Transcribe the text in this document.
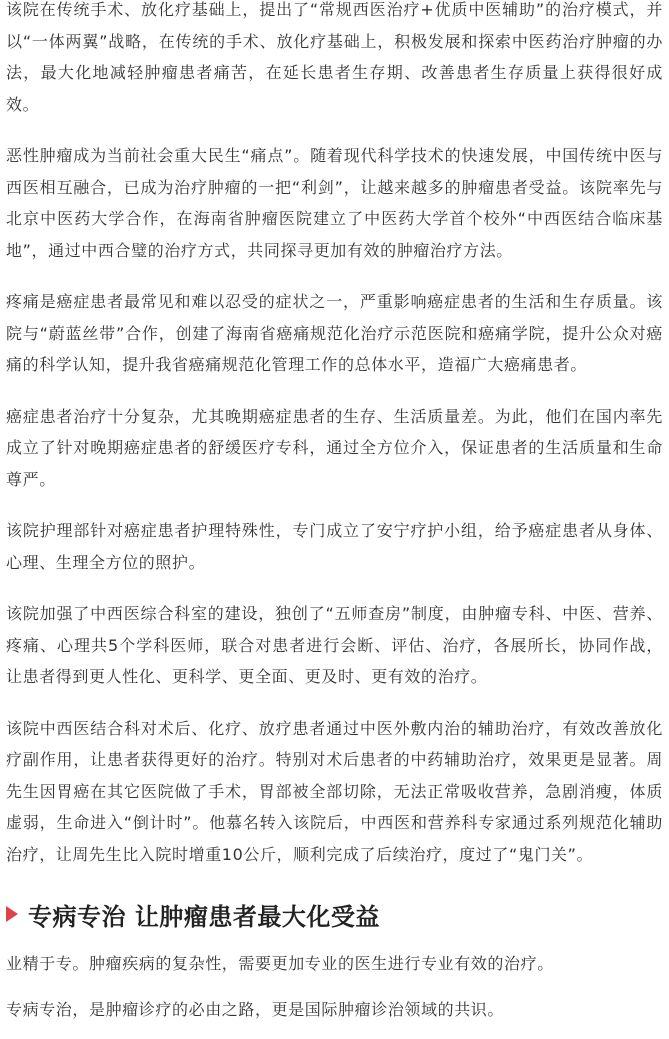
该院在传统手术、放化疗基础上，提出了“常规西医治疗+优质中医辅助”的治疗模式，并以“一体两翼”战略，在传统的手术、放化疗基础上，积极发展和探索中医药治疗肿瘤的办法，最大化地减轻肿瘤患者痛苦，在延长患者生存期、改善患者生存质量上获得很好成效。

恶性肿瘤成为当前社会重大民生“痛点”。随着现代科学技术的快速发展，中国传统中医与西医相互融合，已成为治疗肿瘤的一把“利剑”，让越来越多的肿瘤患者受益。该院率先与北京中医药大学合作，在海南省肿瘤医院建立了中医药大学首个校外“中西医结合临床基地”，通过中西合璧的治疗方式，共同探寻更加有效的肿瘤治疗方法。

疼痛是癌症患者最常见和难以忍受的症状之一，严重影响癌症患者的生活和生存质量。该院与“蔚蓝丝带”合作，创建了海南省癌痛规范化治疗示范医院和癌痛学院，提升公众对癌痛的科学认知，提升我省癌痛规范化管理工作的总体水平，造福广大癌痛患者。

癌症患者治疗十分复杂，尤其晚期癌症患者的生存、生活质量差。为此，他们在国内率先成立了针对晚期癌症患者的舒缓医疗专科，通过全方位介入，保证患者的生活质量和生命尊严。

该院护理部针对癌症患者护理特殊性，专门成立了安宁疗护小组，给予癌症患者从身体、心理、生理全方位的照护。

该院加强了中西医综合科室的建设，独创了“五师查房”制度，由肿瘤专科、中医、营养、疼痛、心理共5个学科医师，联合对患者进行会断、评估、治疗，各展所长，协同作战，让患者得到更人性化、更科学、更全面、更及时、更有效的治疗。

该院中西医结合科对术后、化疗、放疗患者通过中医外敷内治的辅助治疗，有效改善放化疗副作用，让患者获得更好的治疗。特别对术后患者的中药辅助治疗，效果更是显著。周先生因胃癌在其它医院做了手术，胃部被全部切除，无法正常吸收营养，急剧消瘦，体质虚弱，生命进入“倒计时”。他慕名转入该院后，中西医和营养科专家通过系列规范化辅助治疗，让周先生比入院时增重10公斤，顺利完成了后续治疗，度过了“鬼门关”。

专病专治 让肿瘤患者最大化受益

业精于专。肿瘤疾病的复杂性，需要更加专业的医生进行专业有效的治疗。

专病专治，是肿瘤诊疗的必由之路，更是国际肿瘤诊治领域的共识。
